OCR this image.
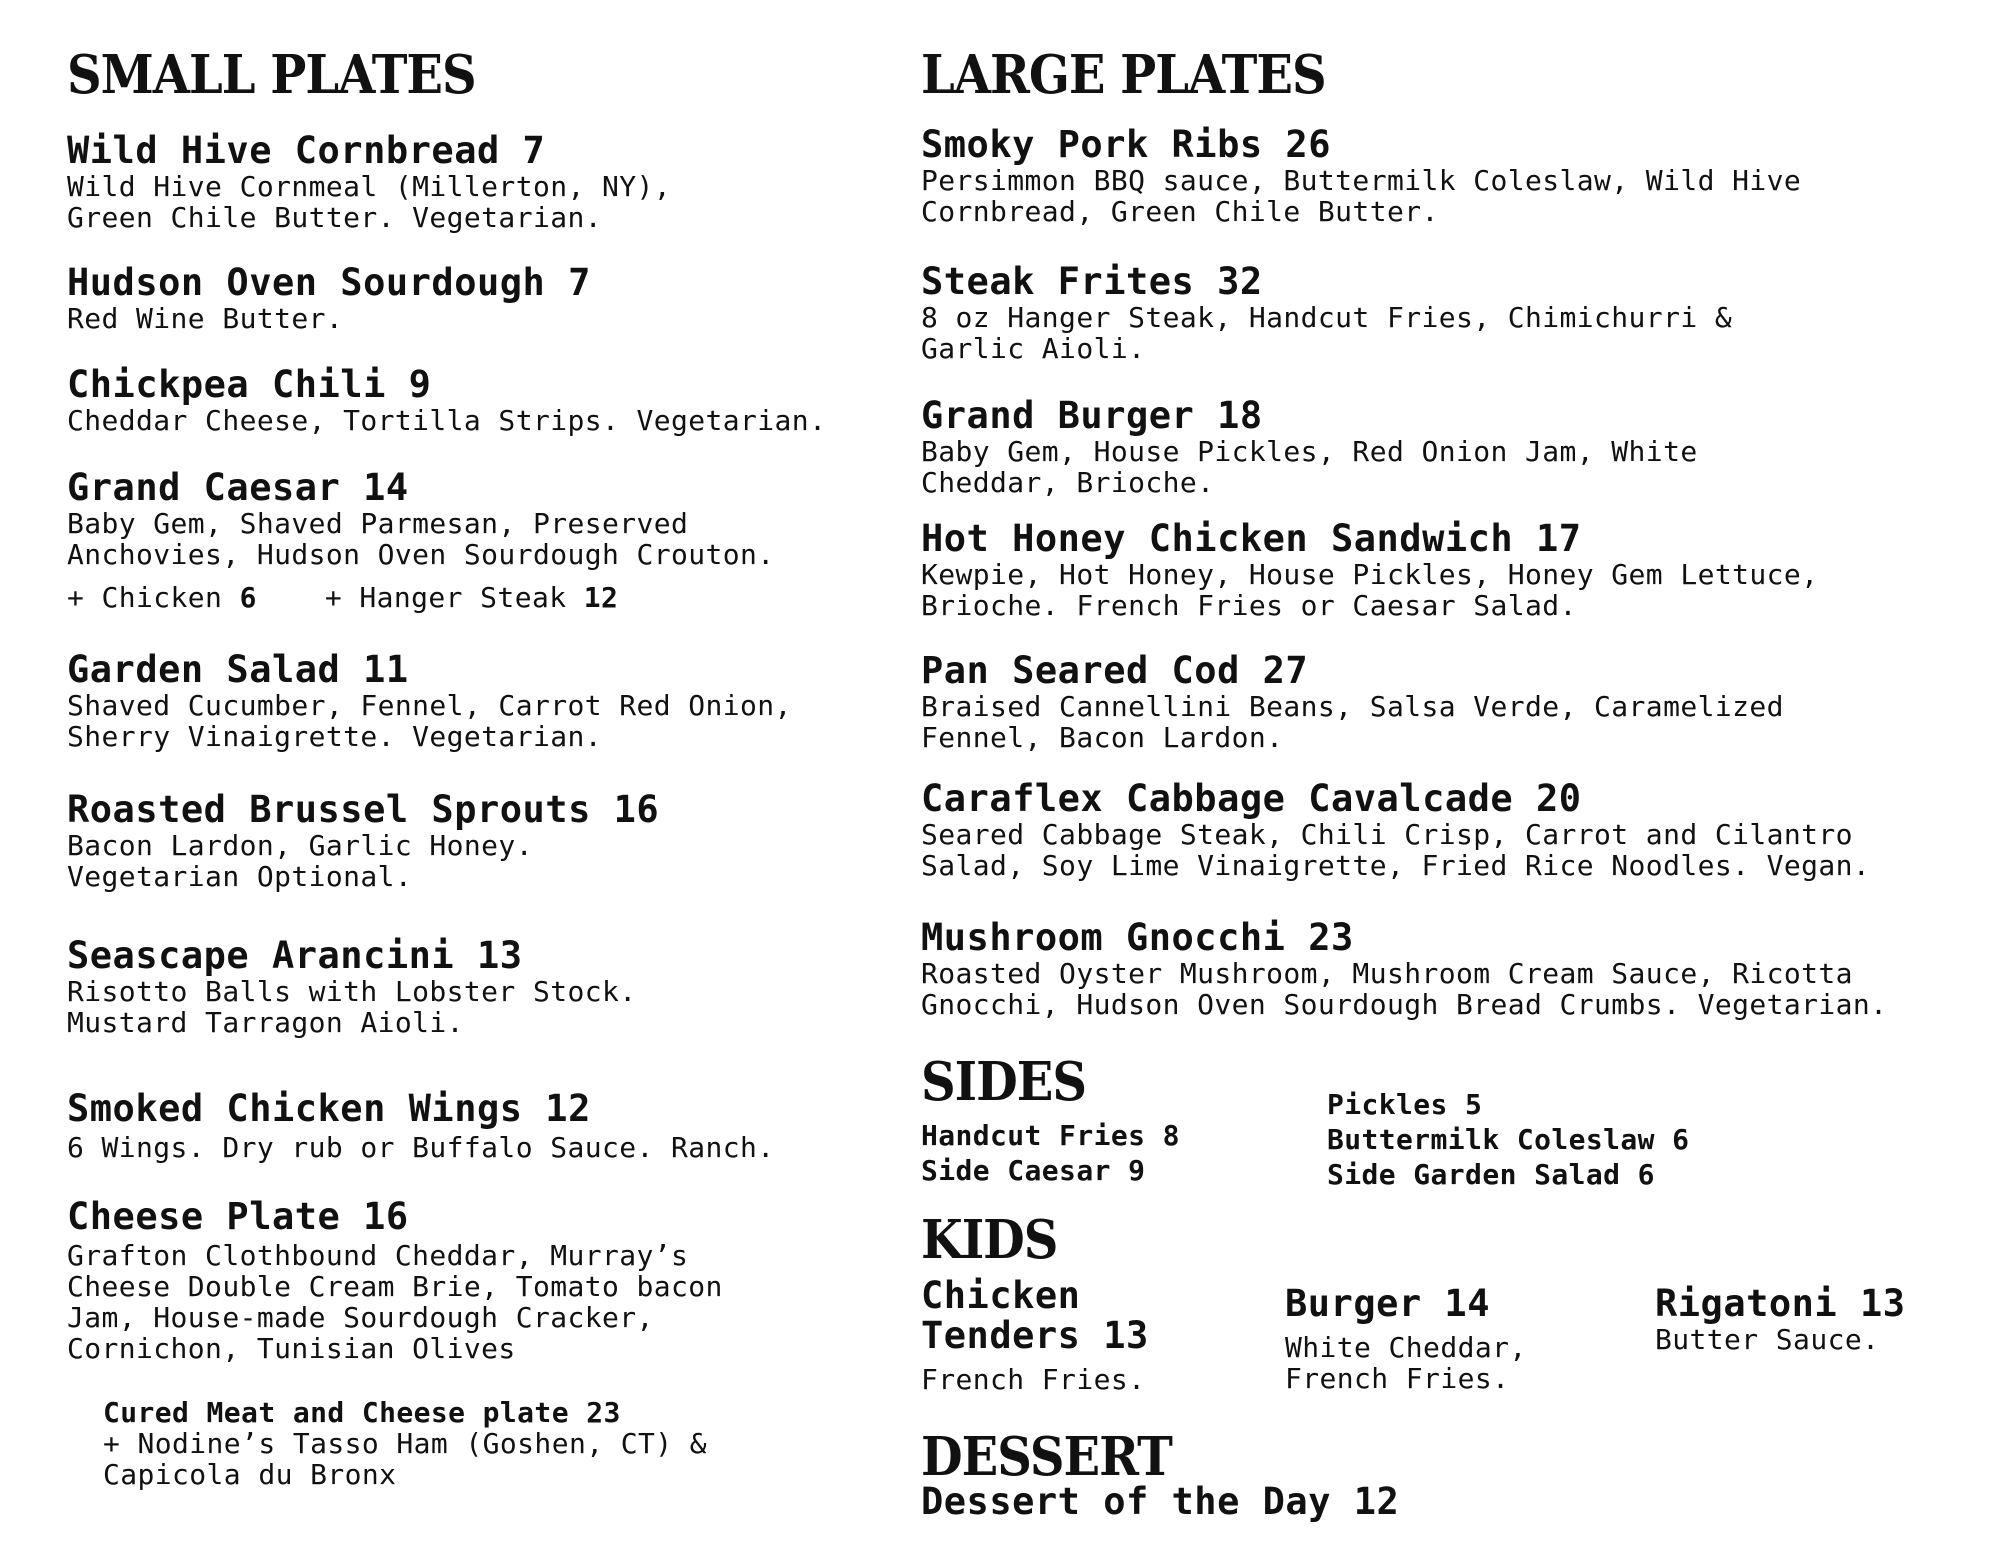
SMALL PLATES
Wild Hive Cornbread 7
Wild Hive Cornmeal (Millerton, NY),
Green Chile Butter. Vegetarian.
Hudson Oven Sourdough 7
Red Wine Butter.
Chickpea Chili 9
Cheddar Cheese, Tortilla Strips. Vegetarian.
Grand Caesar 14
Baby Gem, Shaved Parmesan, Preserved
Anchovies, Hudson Oven Sourdough Crouton.
+ Chicken 6 + Hanger Steak 12
Garden Salad 11
Shaved Cucumber, Fennel, Carrot Red Onion,
Sherry Vinaigrette. Vegetarian.
Roasted Brussel Sprouts 16
Bacon Lardon, Garlic Honey.
Vegetarian Optional.
Seascape Arancini 13
Risotto Balls with Lobster Stock.
Mustard Tarragon Aioli.
Smoked Chicken Wings 12
6 Wings. Dry rub or Buffalo Sauce. Ranch.
Cheese Plate 16
Grafton Clothbound Cheddar, Murray’s
Cheese Double Cream Brie, Tomato bacon
Jam, House-made Sourdough Cracker,
Cornichon, Tunisian Olives
Cured Meat and Cheese plate 23
+ Nodine’s Tasso Ham (Goshen, CT) &
Capicola du Bronx
LARGE PLATES
Smoky Pork Ribs 26
Persimmon BBQ sauce, Buttermilk Coleslaw, Wild Hive
Cornbread, Green Chile Butter.
Steak Frites 32
8 oz Hanger Steak, Handcut Fries, Chimichurri &
Garlic Aioli.
Grand Burger 18
Baby Gem, House Pickles, Red Onion Jam, White
Cheddar, Brioche.
Hot Honey Chicken Sandwich 17
Kewpie, Hot Honey, House Pickles, Honey Gem Lettuce,
Brioche. French Fries or Caesar Salad.
Pan Seared Cod 27
Braised Cannellini Beans, Salsa Verde, Caramelized
Fennel, Bacon Lardon.
Caraflex Cabbage Cavalcade 20
Seared Cabbage Steak, Chili Crisp, Carrot and Cilantro
Salad, Soy Lime Vinaigrette, Fried Rice Noodles. Vegan.
Mushroom Gnocchi 23
Roasted Oyster Mushroom, Mushroom Cream Sauce, Ricotta
Gnocchi, Hudson Oven Sourdough Bread Crumbs. Vegetarian.
SIDES
Handcut Fries 8
Side Caesar 9
Pickles 5
Buttermilk Coleslaw 6
Side Garden Salad 6
KIDS
Chicken
Tenders 13
French Fries.
Burger 14
White Cheddar,
French Fries.
Rigatoni 13
Butter Sauce.
DESSERT
Dessert of the Day 12
